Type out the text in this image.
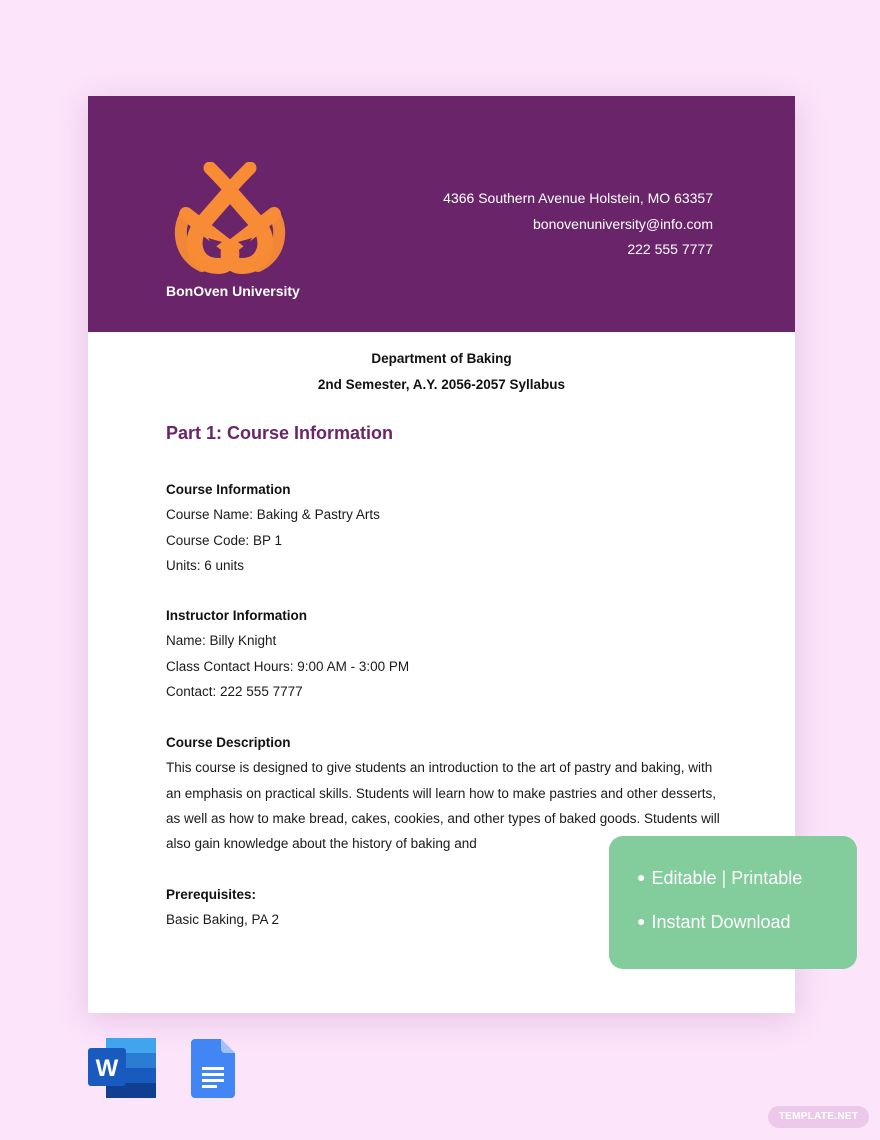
BonOven University
4366 Southern Avenue Holstein, MO 63357
bonovenuniversity@info.com
222 555 7777
Department of Baking
2nd Semester, A.Y. 2056-2057 Syllabus
Part 1: Course Information
Course Information
Course Name: Baking & Pastry Arts
Course Code: BP 1
Units: 6 units
Instructor Information
Name: Billy Knight
Class Contact Hours: 9:00 AM - 3:00 PM
Contact: 222 555 7777
Course Description
This course is designed to give students an introduction to the art of pastry and baking, with an emphasis on practical skills. Students will learn how to make pastries and other desserts, as well as how to make bread, cakes, cookies, and other types of baked goods. Students will also gain knowledge about the history of baking and
Prerequisites:
Basic Baking, PA 2
● Editable | Printable
● Instant Download
W
TEMPLATE.NET
